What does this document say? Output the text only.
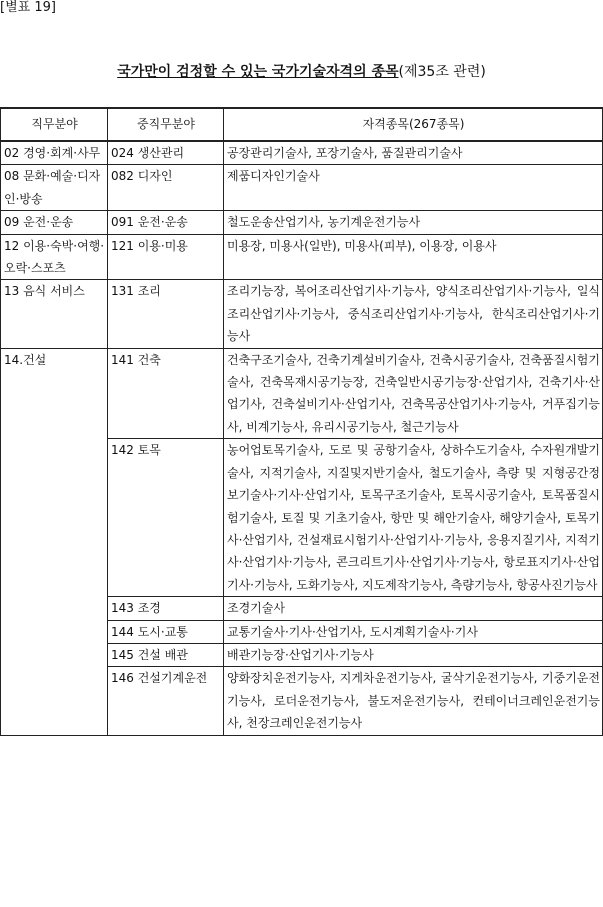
[별표 19]
국가만이 검정할 수 있는 국가기술자격의 종목(제35조 관련)
직무분야	중직무분야	자격종목(267종목)
02 경영·회계·사무	024 생산관리	공장관리기술사, 포장기술사, 품질관리기술사
08 문화·예술·디자인·방송	082 디자인	제품디자인기술사
09 운전·운송	091 운전·운송	철도운송산업기사, 농기계운전기능사
12 이용·숙박·여행·오락·스포츠	121 이용·미용	미용장, 미용사(일반), 미용사(피부), 이용장, 이용사
13 음식 서비스	131 조리	조리기능장, 복어조리산업기사·기능사, 양식조리산업기사·기능사, 일식조리산업기사·기능사, 중식조리산업기사·기능사, 한식조리산업기사·기능사
14.건설	141 건축	건축구조기술사, 건축기계설비기술사, 건축시공기술사, 건축품질시험기술사, 건축목재시공기능장, 건축일반시공기능장·산업기사, 건축기사·산업기사, 건축설비기사·산업기사, 건축목공산업기사·기능사, 거푸집기능사, 비계기능사, 유리시공기능사, 철근기능사
	142 토목	농어업토목기술사, 도로 및 공항기술사, 상하수도기술사, 수자원개발기술사, 지적기술사, 지질및지반기술사, 철도기술사, 측량 및 지형공간정보기술사·기사·산업기사, 토목구조기술사, 토목시공기술사, 토목품질시험기술사, 토질 및 기초기술사, 항만 및 해안기술사, 해양기술사, 토목기사·산업기사, 건설재료시험기사·산업기사·기능사, 응용지질기사, 지적기사·산업기사·기능사, 콘크리트기사·산업기사·기능사, 항로표지기사·산업기사·기능사, 도화기능사, 지도제작기능사, 측량기능사, 항공사진기능사
	143 조경	조경기술사
	144 도시·교통	교통기술사·기사·산업기사, 도시계획기술사·기사
	145 건설 배관	배관기능장·산업기사·기능사
	146 건설기계운전	양화장치운전기능사, 지게차운전기능사, 굴삭기운전기능사, 기중기운전기능사, 로더운전기능사, 불도저운전기능사, 컨테이너크레인운전기능사, 천장크레인운전기능사
